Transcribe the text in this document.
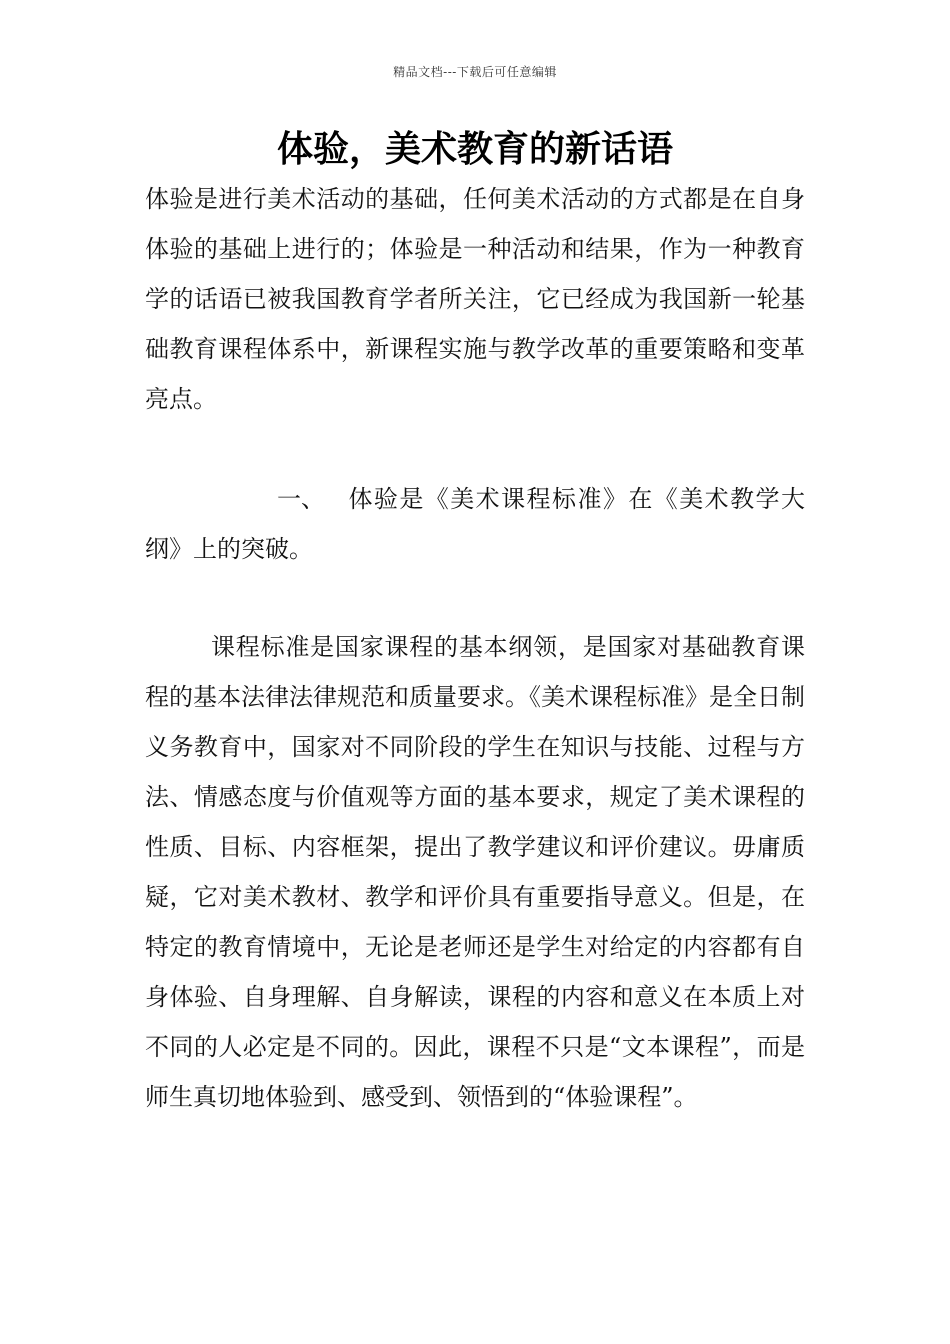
精品文档---下载后可任意编辑
体验，美术教育的新话语
体验是进行美术活动的基础，任何美术活动的方式都是在自身体验的基础上进行的；体验是一种活动和结果，作为一种教育学的话语已被我国教育学者所关注，它已经成为我国新一轮基础教育课程体系中，新课程实施与教学改革的重要策略和变革亮点。
一、 体验是《美术课程标准》在《美术教学大纲》上的突破。
课程标准是国家课程的基本纲领，是国家对基础教育课程的基本法律法律规范和质量要求。《美术课程标准》是全日制义务教育中，国家对不同阶段的学生在知识与技能、过程与方法、情感态度与价值观等方面的基本要求，规定了美术课程的性质、目标、内容框架，提出了教学建议和评价建议。毋庸质疑，它对美术教材、教学和评价具有重要指导意义。但是，在特定的教育情境中，无论是老师还是学生对给定的内容都有自身体验、自身理解、自身解读，课程的内容和意义在本质上对不同的人必定是不同的。因此，课程不只是“文本课程”，而是师生真切地体验到、感受到、领悟到的“体验课程”。
